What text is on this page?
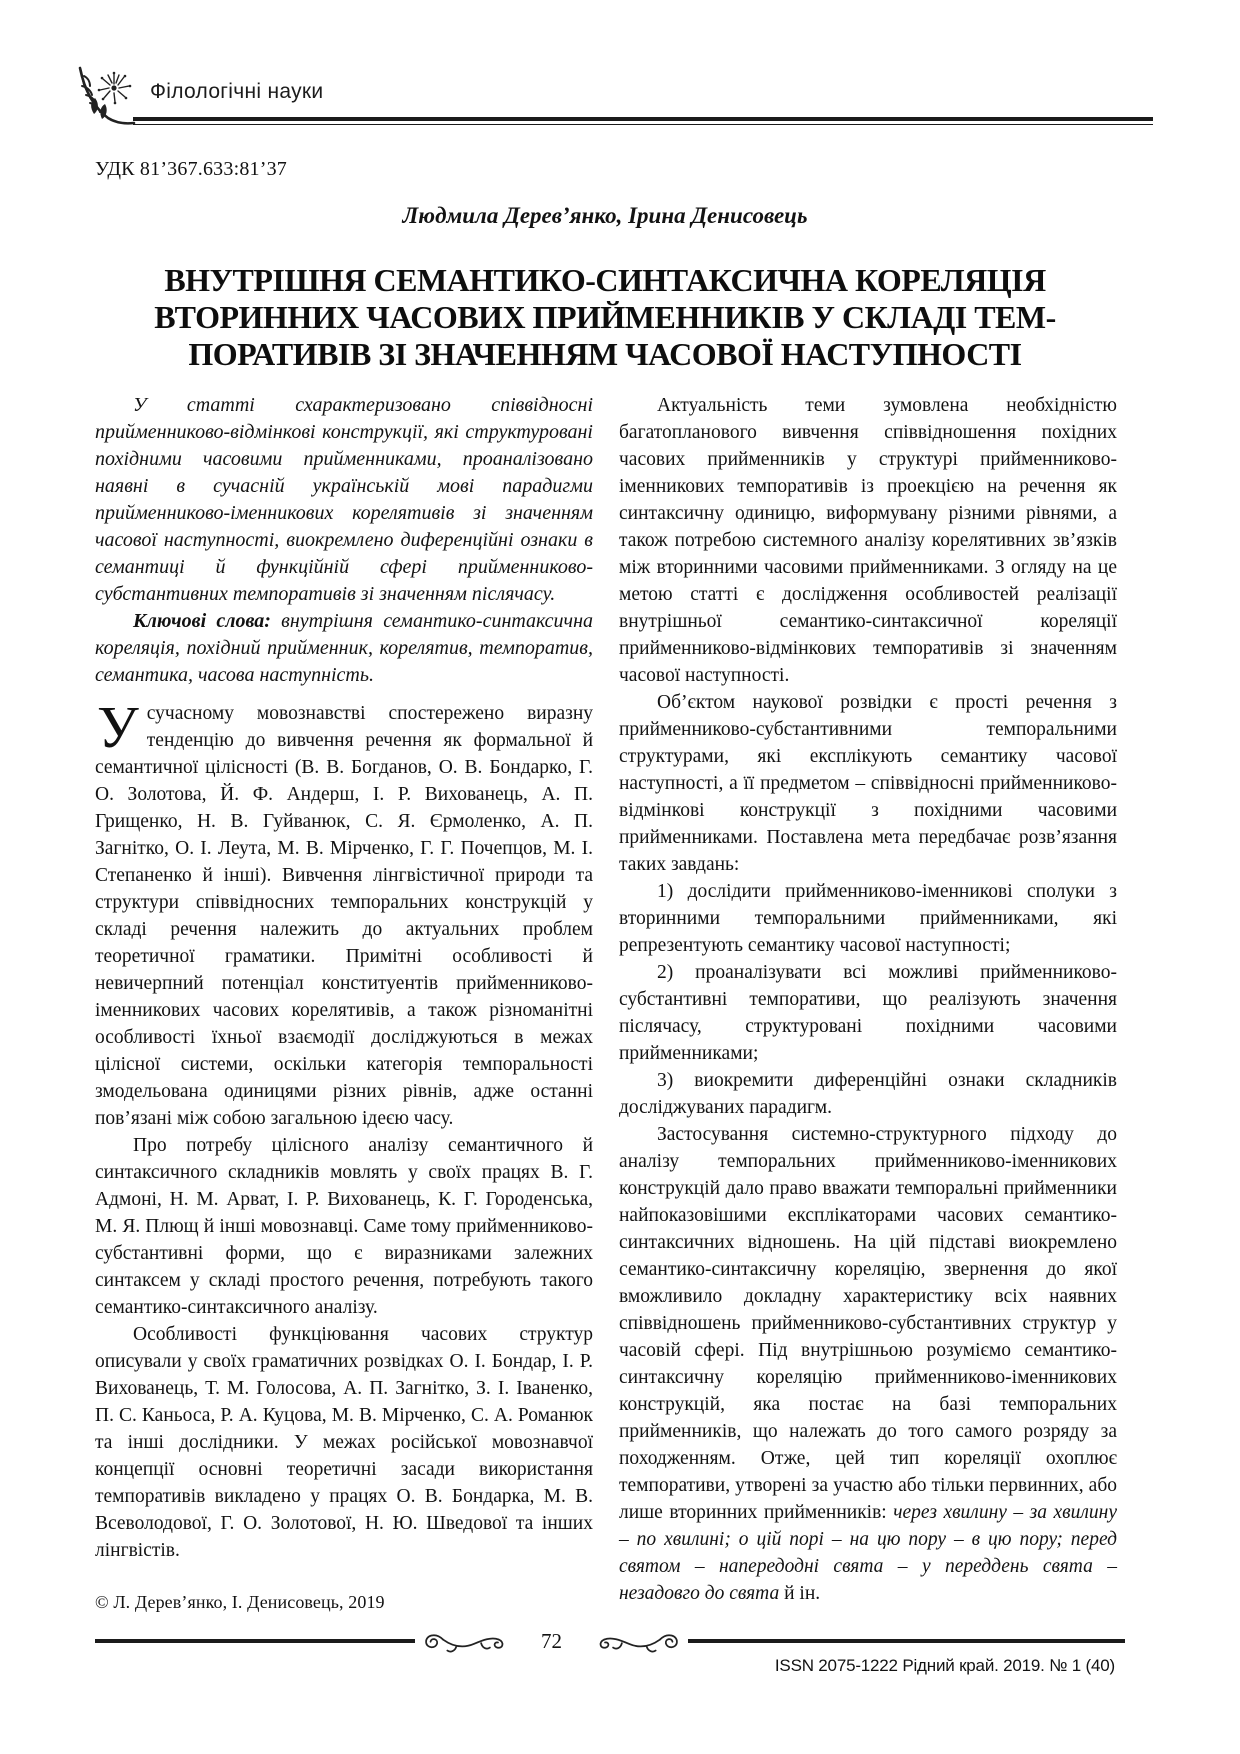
Філологічні науки
УДК 81’367.633:81’37
Людмила Дерев’янко, Ірина Денисовець
ВНУТРІШНЯ СЕМАНТИКО-СИНТАКСИЧНА КОРЕЛЯЦІЯ
ВТОРИННИХ ЧАСОВИХ ПРИЙМЕННИКІВ У СКЛАДІ ТЕМ-
ПОРАТИВІВ ЗІ ЗНАЧЕННЯМ ЧАСОВОЇ НАСТУПНОСТІ

У статті схарактеризовано співвідносні прийменниково-відмінкові конструкції, які структуровані похідними часовими прийменниками, проаналізовано наявні в сучасній українській мові парадигми прийменниково-іменникових корелятивів зі значенням часової наступності, виокремлено диференційні ознаки в семантиці й функційній сфері прийменниково-субстантивних темпоративів зі значенням післячасу.

Ключові слова: внутрішня семантико-синтаксична кореляція, похідний прийменник, корелятив, темпоратив, семантика, часова наступність.

Усучасному мовознавстві спостережено виразну тенденцію до вивчення речення як формальної й семантичної цілісності (В. В. Богданов, О. В. Бондарко, Г. О. Золотова, Й. Ф. Андерш, І. Р. Вихованець, А. П. Грищенко, Н. В. Гуйванюк, С. Я. Єрмоленко, А. П. Загнітко, О. І. Леута, М. В. Мірченко, Г. Г. Почепцов, М. І. Степаненко й інші). Вивчення лінгвістичної природи та структури співвідносних темпоральних конструкцій у складі речення належить до актуальних проблем теоретичної граматики. Примітні особливості й невичерпний потенціал конституентів прийменниково-іменникових часових корелятивів, а також різноманітні особливості їхньої взаємодії досліджуються в межах цілісної системи, оскільки категорія темпоральності змодельована одиницями різних рівнів, адже останні пов’язані між собою загальною ідеєю часу.

Про потребу цілісного аналізу семантичного й синтаксичного складників мовлять у своїх працях В. Г. Адмоні, Н. М. Арват, І. Р. Вихованець, К. Г. Городенська, М. Я. Плющ й інші мовознавці. Саме тому прийменниково-субстантивні форми, що є виразниками залежних синтаксем у складі простого речення, потребують такого семантико-синтаксичного аналізу.

Особливості функціювання часових структур описували у своїх граматичних розвідках О. І. Бондар, І. Р. Вихованець, Т. М. Голосова, А. П. Загнітко, З. І. Іваненко, П. С. Каньоса, Р. А. Куцова, М. В. Мірченко, С. А. Романюк та інші дослідники. У межах російської мовознавчої концепції основні теоретичні засади використання темпоративів викладено у працях О. В. Бондарка, М. В. Всеволодової, Г. О. Золотової, Н. Ю. Шведової та інших лінгвістів.

Актуальність теми зумовлена необхідністю багатопланового вивчення співвідношення похідних часових прийменників у структурі прийменниково-іменникових темпоративів із проекцією на речення як синтаксичну одиницю, виформувану різними рівнями, а також потребою системного аналізу корелятивних зв’язків між вторинними часовими прийменниками. З огляду на це метою статті є дослідження особливостей реалізації внутрішньої семантико-синтаксичної кореляції прийменниково-відмінкових темпоративів зі значенням часової наступності.

Об’єктом наукової розвідки є прості речення з прийменниково-субстантивними темпоральними структурами, які експлікують семантику часової наступності, а її предметом – співвідносні прийменниково-відмінкові конструкції з похідними часовими прийменниками. Поставлена мета передбачає розв’язання таких завдань:

1) дослідити прийменниково-іменникові сполуки з вторинними темпоральними прийменниками, які репрезентують семантику часової наступності;

2) проаналізувати всі можливі прийменниково-субстантивні темпоративи, що реалізують значення післячасу, структуровані похідними часовими прийменниками;

3) виокремити диференційні ознаки складників досліджуваних парадигм.

Застосування системно-структурного підходу до аналізу темпоральних прийменниково-іменникових конструкцій дало право вважати темпоральні прийменники найпоказовішими експлікаторами часових семантико-синтаксичних відношень. На цій підставі виокремлено семантико-синтаксичну кореляцію, звернення до якої вможливило докладну характеристику всіх наявних співвідношень прийменниково-субстантивних структур у часовій сфері. Під внутрішньою розуміємо семантико-синтаксичну кореляцію прийменниково-іменникових конструкцій, яка постає на базі темпоральних прийменників, що належать до того самого розряду за походженням. Отже, цей тип кореляції охоплює темпоративи, утворені за участю або тільки первинних, або лише вторинних прийменників: через хвилину – за хвилину – по хвилині; о цій порі – на цю пору – в цю пору; перед святом – напередодні свята – у переддень свята – незадовго до свята й ін.

© Л. Дерев’янко, І. Денисовець, 2019
72
ISSN 2075-1222 Рідний край. 2019. № 1 (40)
